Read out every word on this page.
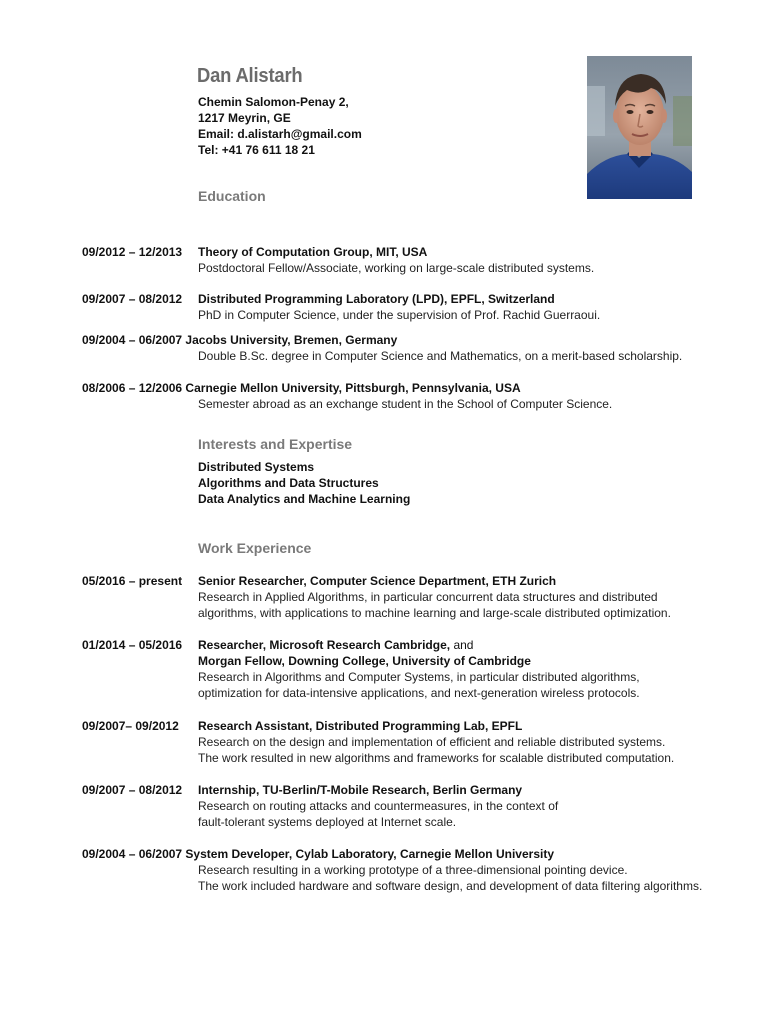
Dan Alistarh
Chemin Salomon-Penay 2,
1217 Meyrin, GE
Email: d.alistarh@gmail.com
Tel: +41 76 611 18 21
Education
09/2012 – 12/2013 Theory of Computation Group, MIT, USA
Postdoctoral Fellow/Associate, working on large-scale distributed systems.
09/2007 – 08/2012 Distributed Programming Laboratory (LPD), EPFL, Switzerland
PhD in Computer Science, under the supervision of Prof. Rachid Guerraoui.
09/2004 – 06/2007 Jacobs University, Bremen, Germany
Double B.Sc. degree in Computer Science and Mathematics, on a merit-based scholarship.
08/2006 – 12/2006 Carnegie Mellon University, Pittsburgh, Pennsylvania, USA
Semester abroad as an exchange student in the School of Computer Science.
Interests and Expertise
Distributed Systems
Algorithms and Data Structures
Data Analytics and Machine Learning
Work Experience
05/2016 – present Senior Researcher, Computer Science Department, ETH Zurich
Research in Applied Algorithms, in particular concurrent data structures and distributed
algorithms, with applications to machine learning and large-scale distributed optimization.
01/2014 – 05/2016 Researcher, Microsoft Research Cambridge, and
Morgan Fellow, Downing College, University of Cambridge
Research in Algorithms and Computer Systems, in particular distributed algorithms,
optimization for data-intensive applications, and next-generation wireless protocols.
09/2007– 09/2012 Research Assistant, Distributed Programming Lab, EPFL
Research on the design and implementation of efficient and reliable distributed systems.
The work resulted in new algorithms and frameworks for scalable distributed computation.
09/2007 – 08/2012 Internship, TU-Berlin/T-Mobile Research, Berlin Germany
Research on routing attacks and countermeasures, in the context of
fault-tolerant systems deployed at Internet scale.
09/2004 – 06/2007 System Developer, Cylab Laboratory, Carnegie Mellon University
Research resulting in a working prototype of a three-dimensional pointing device.
The work included hardware and software design, and development of data filtering algorithms.
